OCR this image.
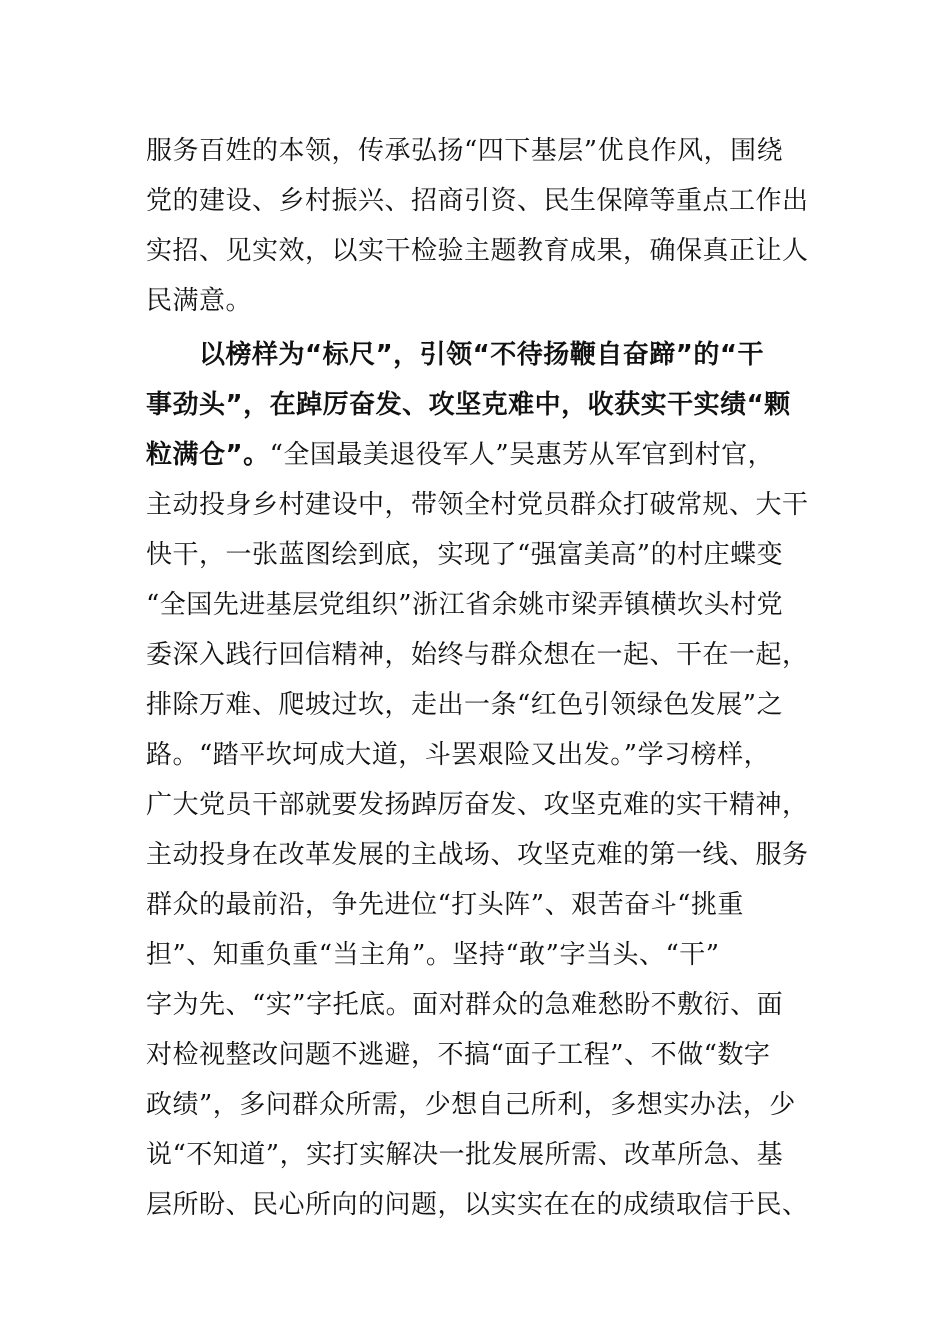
服务百姓的本领，传承弘扬“四下基层”优良作风，围绕
党的建设、乡村振兴、招商引资、民生保障等重点工作出
实招、见实效，以实干检验主题教育成果，确保真正让人
民满意。
　　以榜样为“标尺”，引领“不待扬鞭自奋蹄”的“干
事劲头”，在踔厉奋发、攻坚克难中，收获实干实绩“颗
粒满仓”。“全国最美退役军人”吴惠芳从军官到村官，
主动投身乡村建设中，带领全村党员群众打破常规、大干
快干，一张蓝图绘到底，实现了“强富美高”的村庄蝶变
“全国先进基层党组织”浙江省余姚市梁弄镇横坎头村党
委深入践行回信精神，始终与群众想在一起、干在一起，
排除万难、爬坡过坎，走出一条“红色引领绿色发展”之
路。“踏平坎坷成大道，斗罢艰险又出发。”学习榜样，
广大党员干部就要发扬踔厉奋发、攻坚克难的实干精神，
主动投身在改革发展的主战场、攻坚克难的第一线、服务
群众的最前沿，争先进位“打头阵”、艰苦奋斗“挑重
担”、知重负重“当主角”。坚持“敢”字当头、“干”
字为先、“实”字托底。面对群众的急难愁盼不敷衍、面
对检视整改问题不逃避，不搞“面子工程”、不做“数字
政绩”，多问群众所需，少想自己所利，多想实办法，少
说“不知道”，实打实解决一批发展所需、改革所急、基
层所盼、民心所向的问题，以实实在在的成绩取信于民、
